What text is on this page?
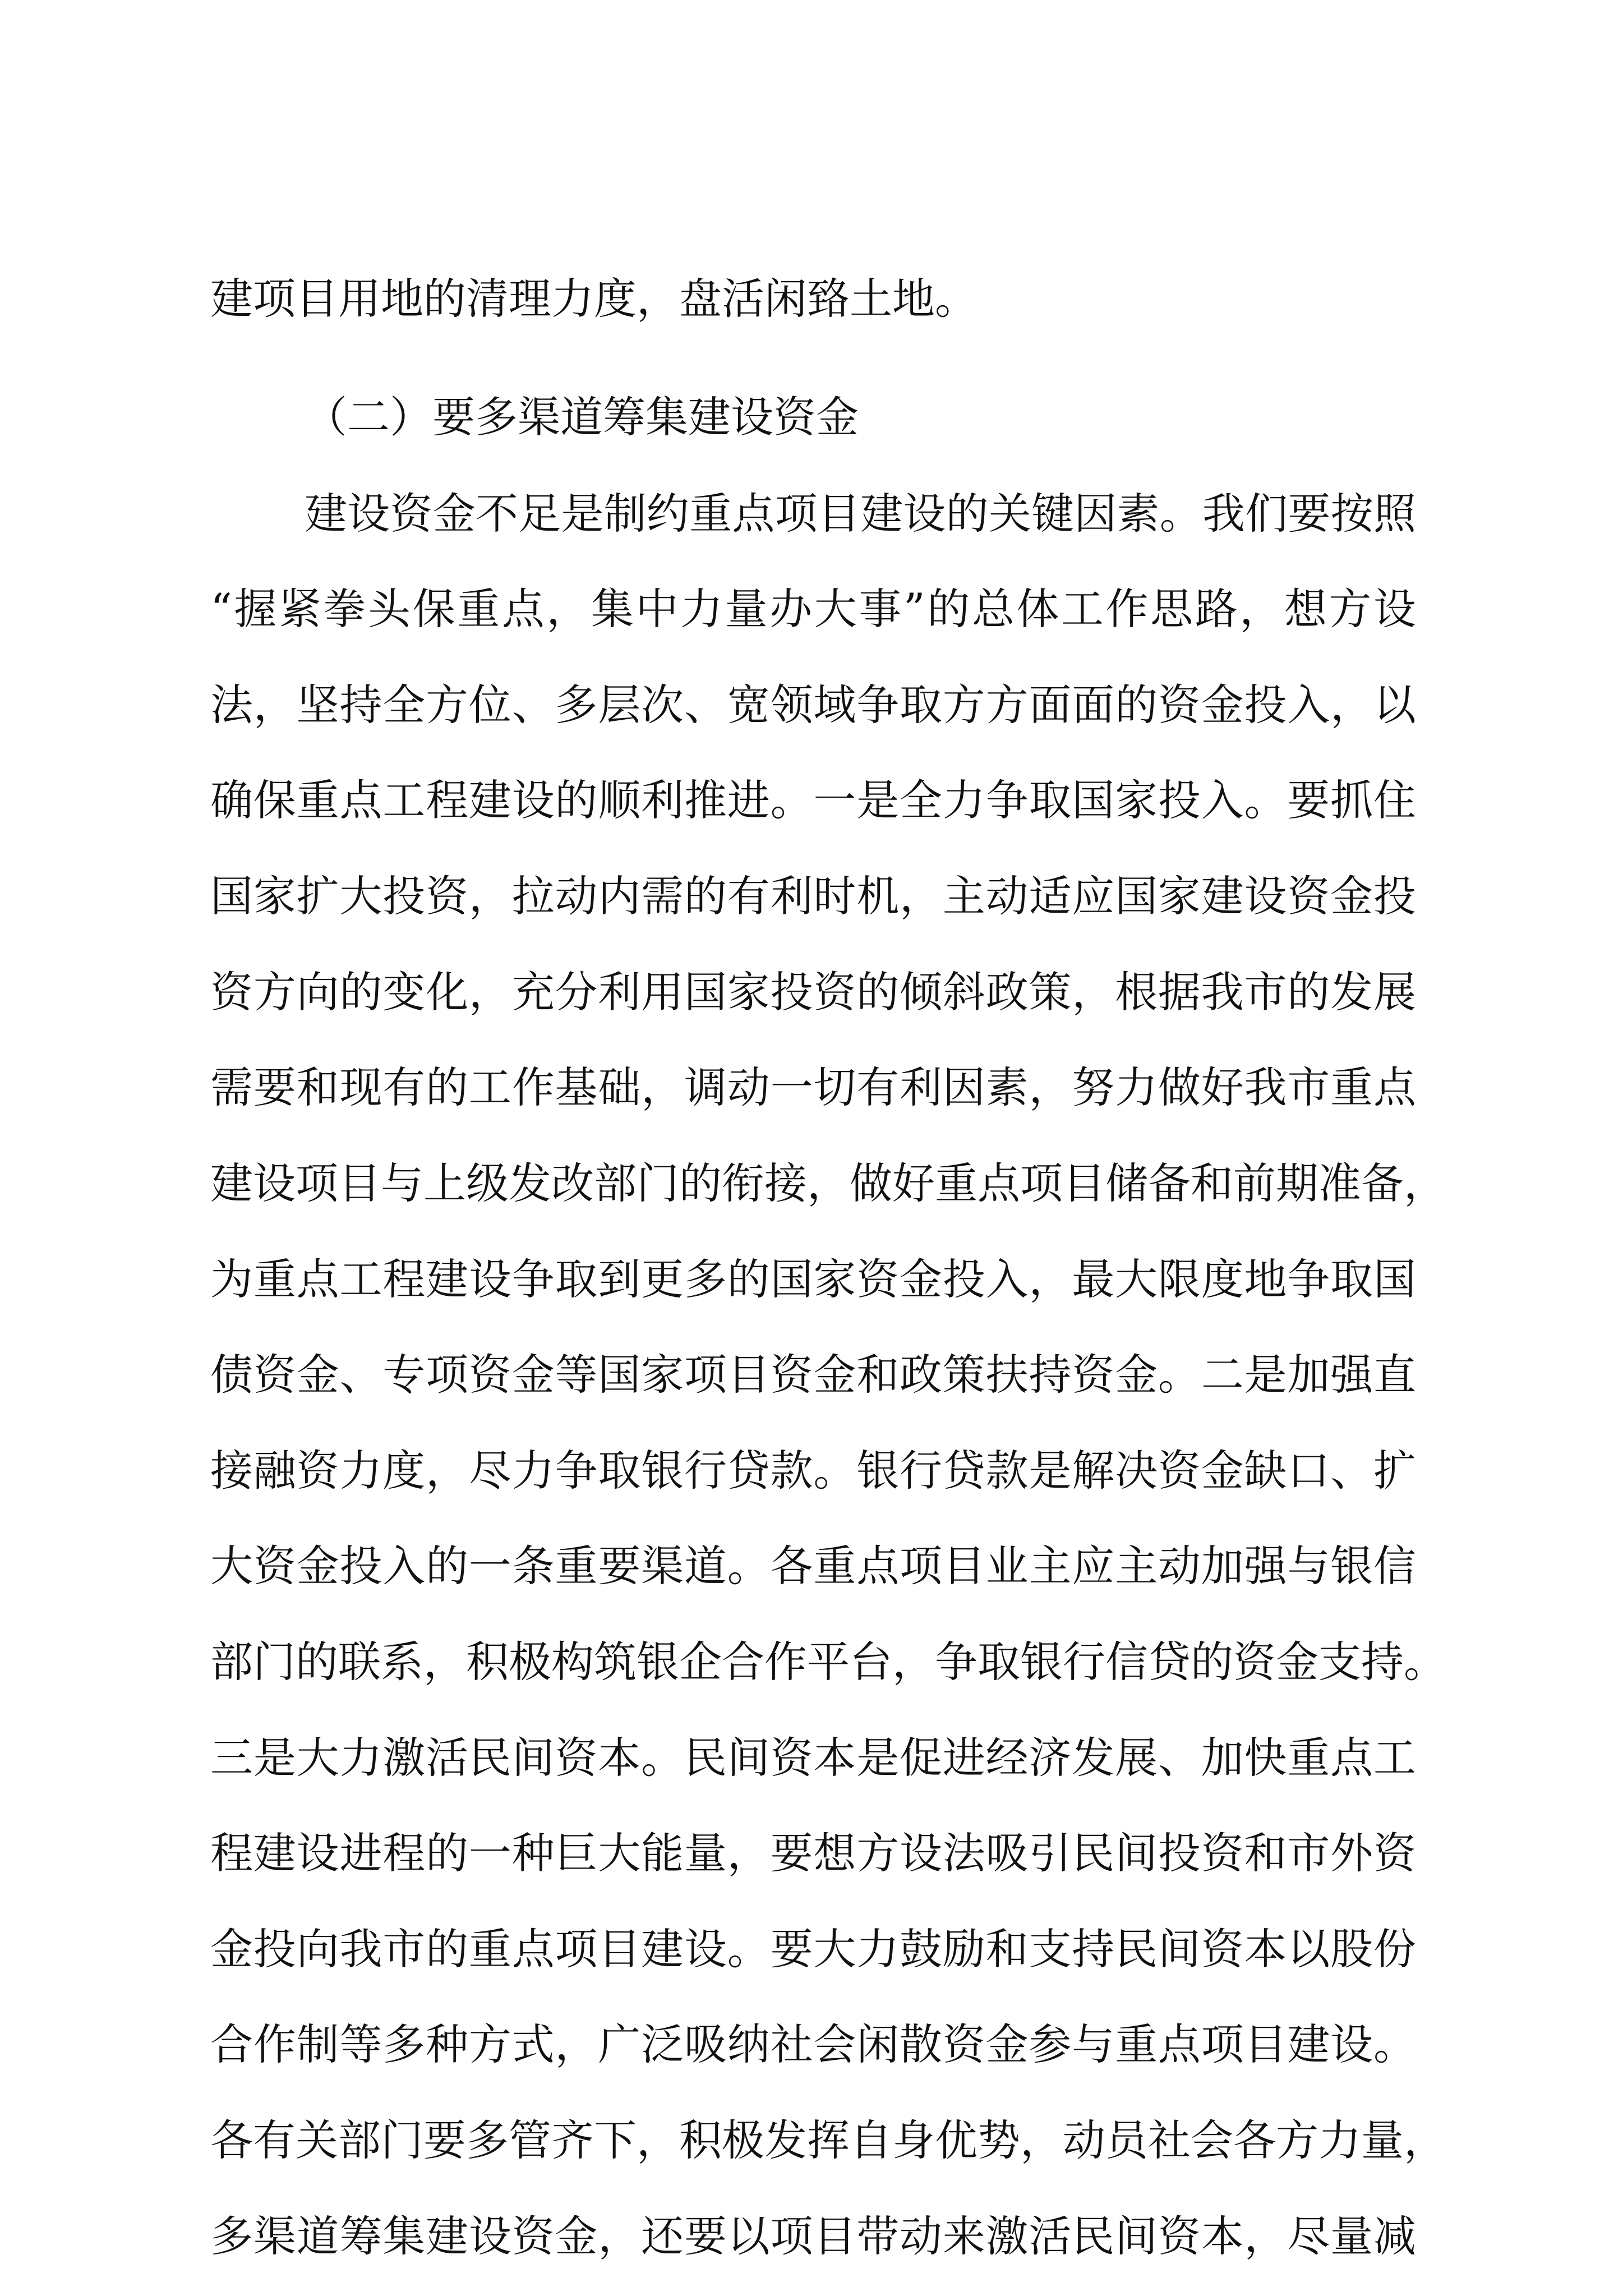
建项目用地的清理力度，盘活闲臵土地。
（二）要多渠道筹集建设资金
建设资金不足是制约重点项目建设的关键因素。我们要按照
“握紧拳头保重点，集中力量办大事”的总体工作思路，想方设
法，坚持全方位、多层次、宽领域争取方方面面的资金投入，以
确保重点工程建设的顺利推进。一是全力争取国家投入。要抓住
国家扩大投资，拉动内需的有利时机，主动适应国家建设资金投
资方向的变化，充分利用国家投资的倾斜政策，根据我市的发展
需要和现有的工作基础，调动一切有利因素，努力做好我市重点
建设项目与上级发改部门的衔接，做好重点项目储备和前期准备，
为重点工程建设争取到更多的国家资金投入，最大限度地争取国
债资金、专项资金等国家项目资金和政策扶持资金。二是加强直
接融资力度，尽力争取银行贷款。银行贷款是解决资金缺口、扩
大资金投入的一条重要渠道。各重点项目业主应主动加强与银信
部门的联系，积极构筑银企合作平台，争取银行信贷的资金支持。
三是大力激活民间资本。民间资本是促进经济发展、加快重点工
程建设进程的一种巨大能量，要想方设法吸引民间投资和市外资
金投向我市的重点项目建设。要大力鼓励和支持民间资本以股份
合作制等多种方式，广泛吸纳社会闲散资金参与重点项目建设。
各有关部门要多管齐下，积极发挥自身优势，动员社会各方力量，
多渠道筹集建设资金，还要以项目带动来激活民间资本，尽量减
